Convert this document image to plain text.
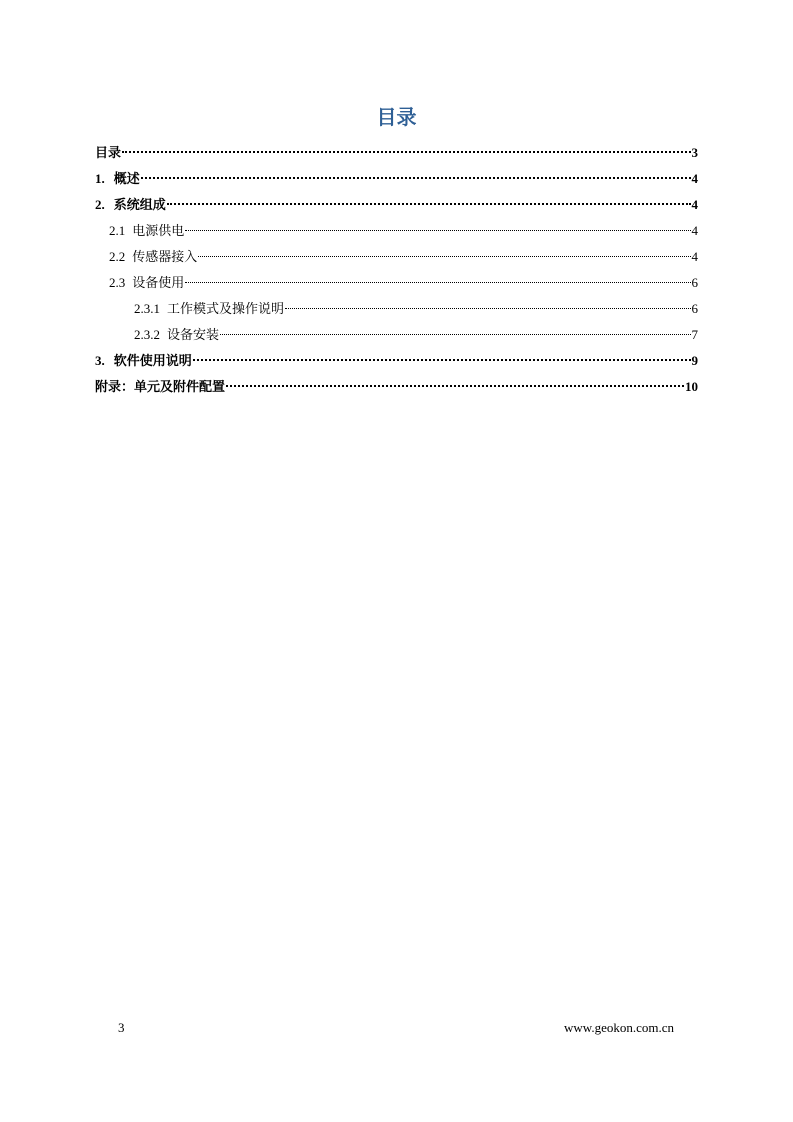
目录
目录	3
1. 概述	4
2. 系统组成	4
2.1 电源供电	4
2.2 传感器接入	4
2.3 设备使用	6
2.3.1 工作模式及操作说明	6
2.3.2 设备安装	7
3. 软件使用说明	9
附录：单元及附件配置	10
3	www.geokon.com.cn
